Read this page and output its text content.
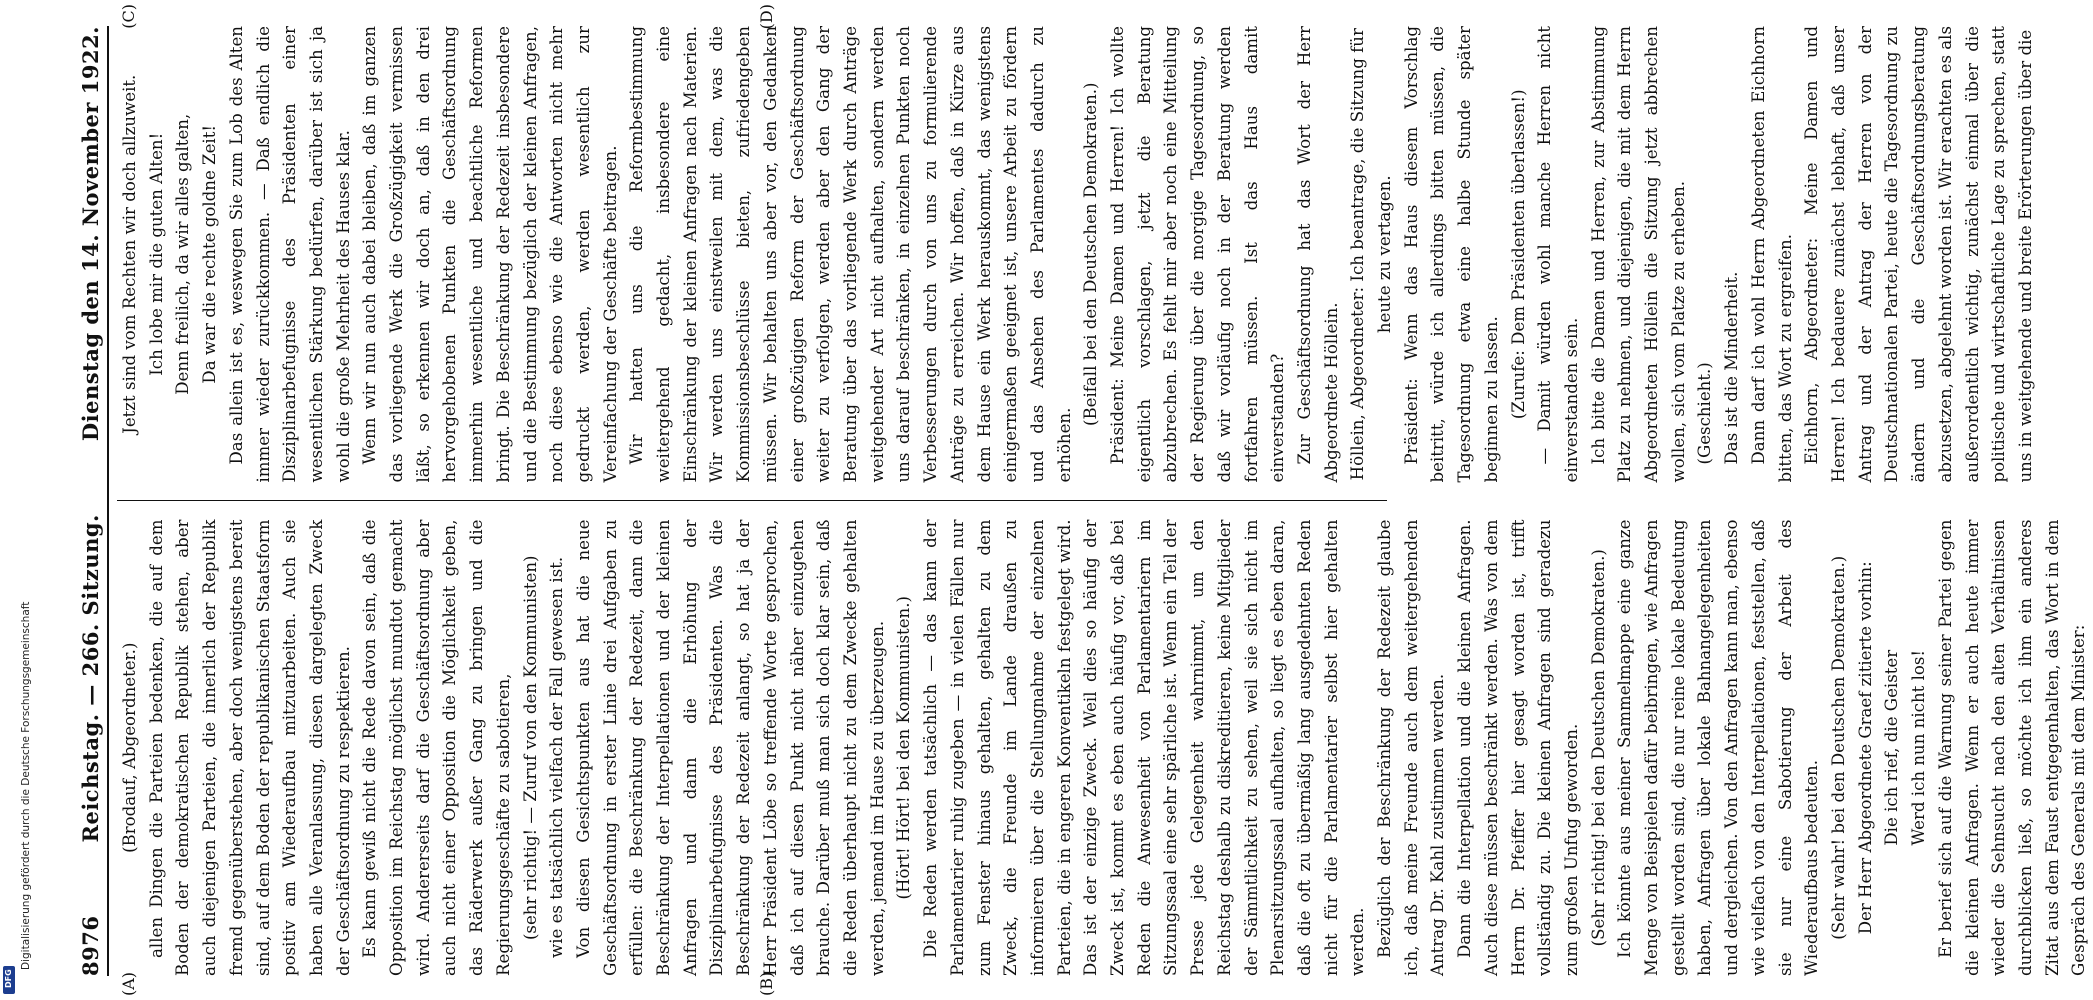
Digitalisierung gefördert durch die Deutsche Forschungsgemeinschaft
DFG
8976
Reichstag. — 266. Sitzung.
Dienstag den 14. November 1922.

(Brodauf, Abgeordneter.) allen Dingen die Parteien bedenken, die auf dem Boden der demokratischen Republik stehen, aber auch diejenigen Parteien, die innerlich der Republik fremd gegenüberstehen, aber doch wenigstens bereit sind, auf dem Boden der republikanischen Staatsform positiv am Wiederaufbau mitzuarbeiten. Auch sie haben alle Veranlassung, diesen dargelegten Zweck der Geschäftsordnung zu respektieren. Es kann gewiß nicht die Rede davon sein, daß die Opposition im Reichstag möglichst mundtot gemacht wird. Andererseits darf die Geschäftsordnung aber auch nicht einer Opposition die Möglichkeit geben, das Räderwerk außer Gang zu bringen und die Regierungsgeschäfte zu sabotieren, (sehr richtig! — Zuruf von den Kommunisten) wie es tatsächlich vielfach der Fall gewesen ist. Von diesen Gesichtspunkten aus hat die neue Geschäftsordnung in erster Linie drei Aufgaben zu erfüllen: die Beschränkung der Redezeit, dann die Beschränkung der Interpellationen und der kleinen Anfragen und dann die Erhöhung der Disziplinarbefugnisse des Präsidenten. Was die Beschränkung der Redezeit anlangt, so hat ja der Herr Präsident Löbe so treffende Worte gesprochen, daß ich auf diesen Punkt nicht näher einzugehen brauche. Darüber muß man sich doch klar sein, daß die Reden überhaupt nicht zu dem Zwecke gehalten werden, jemand im Hause zu überzeugen. (Hört! Hört! bei den Kommunisten.) Die Reden werden tatsächlich — das kann der Parlamentarier ruhig zugeben — in vielen Fällen nur zum Fenster hinaus gehalten, gehalten zu dem Zweck, die Freunde im Lande draußen zu informieren über die Stellungnahme der einzelnen Parteien, die in engeren Konventikeln festgelegt wird. Das ist der einzige Zweck. Weil dies so häufig der Zweck ist, kommt es eben auch häufig vor, daß bei Reden die Anwesenheit von Parlamentariern im Sitzungssaal eine sehr spärliche ist. Wenn ein Teil der Presse jede Gelegenheit wahrnimmt, um den Reichstag deshalb zu diskreditieren, keine Mitglieder der Sämmtlichkeit zu sehen, weil sie sich nicht im Plenarsitzungssaal aufhalten, so liegt es eben daran, daß die oft zu übermäßig lang ausgedehnten Reden nicht für die Parlamentarier selbst hier gehalten werden. Bezüglich der Beschränkung der Redezeit glaube ich, daß meine Freunde auch dem weitergehenden Antrag Dr. Kahl zustimmen werden. Dann die Interpellation und die kleinen Anfragen. Auch diese müssen beschränkt werden. Was von dem Herrn Dr. Pfeiffer hier gesagt worden ist, trifft vollständig zu. Die kleinen Anfragen sind geradezu zum großen Unfug geworden. (Sehr richtig! bei den Deutschen Demokraten.) Ich könnte aus meiner Sammelmappe eine ganze Menge von Beispielen dafür beibringen, wie Anfragen gestellt worden sind, die nur reine lokale Bedeutung haben, Anfragen über lokale Bahnangelegenheiten und dergleichen. Von den Anfragen kann man, ebenso wie vielfach von den Interpellationen, feststellen, daß sie nur eine Sabotierung der Arbeit des Wiederaufbaus bedeuten. (Sehr wahr! bei den Deutschen Demokraten.) Der Herr Abgeordnete Graef zitierte vorhin: Die ich rief, die Geister Werd ich nun nicht los! Er berief sich auf die Warnung seiner Partei gegen die kleinen Anfragen. Wenn er auch heute immer wieder die Sehnsucht nach den alten Verhältnissen durchblicken ließ, so möchte ich ihm ein anderes Zitat aus dem Faust entgegenhalten, das Wort in dem Gespräch des Generals mit dem Minister:

Jetzt sind vom Rechten wir doch allzuweit. Ich lobe mir die guten Alten! Denn freilich, da wir alles galten, Da war die rechte goldne Zeit! Das allein ist es, weswegen Sie zum Lob des Alten immer wieder zurückkommen. — Daß endlich die Disziplinarbefugnisse des Präsidenten einer wesentlichen Stärkung bedürfen, darüber ist sich ja wohl die große Mehrheit des Hauses klar. Wenn wir nun auch dabei bleiben, daß im ganzen das vorliegende Werk die Großzügigkeit vermissen läßt, so erkennen wir doch an, daß in den drei hervorgehobenen Punkten die Geschäftsordnung immerhin wesentliche und beachtliche Reformen bringt. Die Beschränkung der Redezeit insbesondere und die Bestimmung bezüglich der kleinen Anfragen, noch diese ebenso wie die Antworten nicht mehr gedruckt werden, werden wesentlich zur Vereinfachung der Geschäfte beitragen. Wir hatten uns die Reformbestimmung weitergehend gedacht, insbesondere eine Einschränkung der kleinen Anfragen nach Materien. Wir werden uns einstweilen mit dem, was die Kommissionsbeschlüsse bieten, zufriedengeben müssen. Wir behalten uns aber vor, den Gedanken einer großzügigen Reform der Geschäftsordnung weiter zu verfolgen, werden aber den Gang der Beratung über das vorliegende Werk durch Anträge weitgehender Art nicht aufhalten, sondern werden uns darauf beschränken, in einzelnen Punkten noch Verbesserungen durch von uns zu formulierende Anträge zu erreichen. Wir hoffen, daß in Kürze aus dem Hause ein Werk herauskommt, das wenigstens einigermaßen geeignet ist, unsere Arbeit zu fördern und das Ansehen des Parlamentes dadurch zu erhöhen.

(Beifall bei den Deutschen Demokraten.) Präsident: Meine Damen und Herren! Ich wollte eigentlich vorschlagen, jetzt die Beratung abzubrechen. Es fehlt mir aber noch eine Mitteilung der Regierung über die morgige Tagesordnung, so daß wir vorläufig noch in der Beratung werden fortfahren müssen. Ist das Haus damit einverstanden? Zur Geschäftsordnung hat das Wort der Herr Abgeordnete Höllein. Höllein, Abgeordneter: Ich beantrage, die Sitzung für heute zu vertagen. Präsident: Wenn das Haus diesem Vorschlag beitritt, würde ich allerdings bitten müssen, die Tagesordnung etwa eine halbe Stunde später beginnen zu lassen. (Zurufe: Dem Präsidenten überlassen!) — Damit würden wohl manche Herren nicht einverstanden sein. Ich bitte die Damen und Herren, zur Abstimmung Platz zu nehmen, und diejenigen, die mit dem Herrn Abgeordneten Höllein die Sitzung jetzt abbrechen wollen, sich vom Platze zu erheben. (Geschieht.) Das ist die Minderheit. Dann darf ich wohl Herrn Abgeordneten Eichhorn bitten, das Wort zu ergreifen. Eichhorn, Abgeordneter: Meine Damen und Herren! Ich bedauere zunächst lebhaft, daß unser Antrag und der Antrag der Herren von der Deutschnationalen Partei, heute die Tagesordnung zu ändern und die Geschäftsordnungsberatung abzusetzen, abgelehnt worden ist. Wir erachten es als außerordentlich wichtig, zunächst einmal über die politische und wirtschaftliche Lage zu sprechen, statt uns in weitgehende und breite Erörterungen über die

(A)	(B)
(C)	(D)
